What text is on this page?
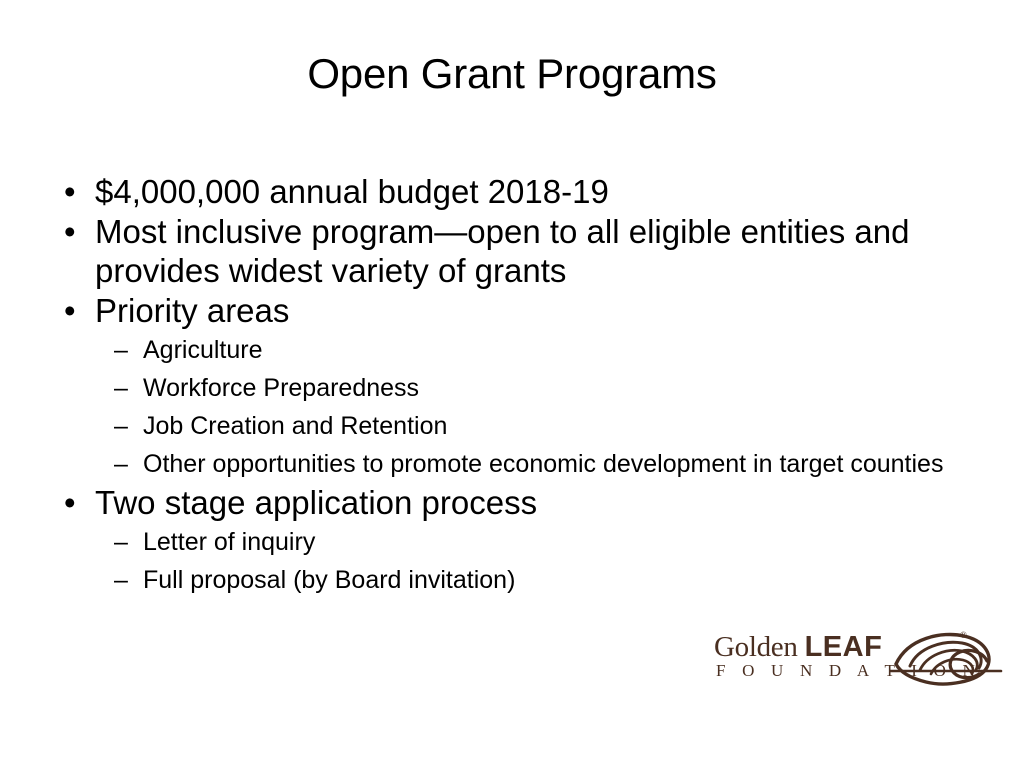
Open Grant Programs
• $4,000,000 annual budget 2018-19
• Most inclusive program—open to all eligible entities and provides widest variety of grants
• Priority areas
– Agriculture
– Workforce Preparedness
– Job Creation and Retention
– Other opportunities to promote economic development in target counties
• Two stage application process
– Letter of inquiry
– Full proposal (by Board invitation)
Golden LEAF
F O U N D A T I O N
®
